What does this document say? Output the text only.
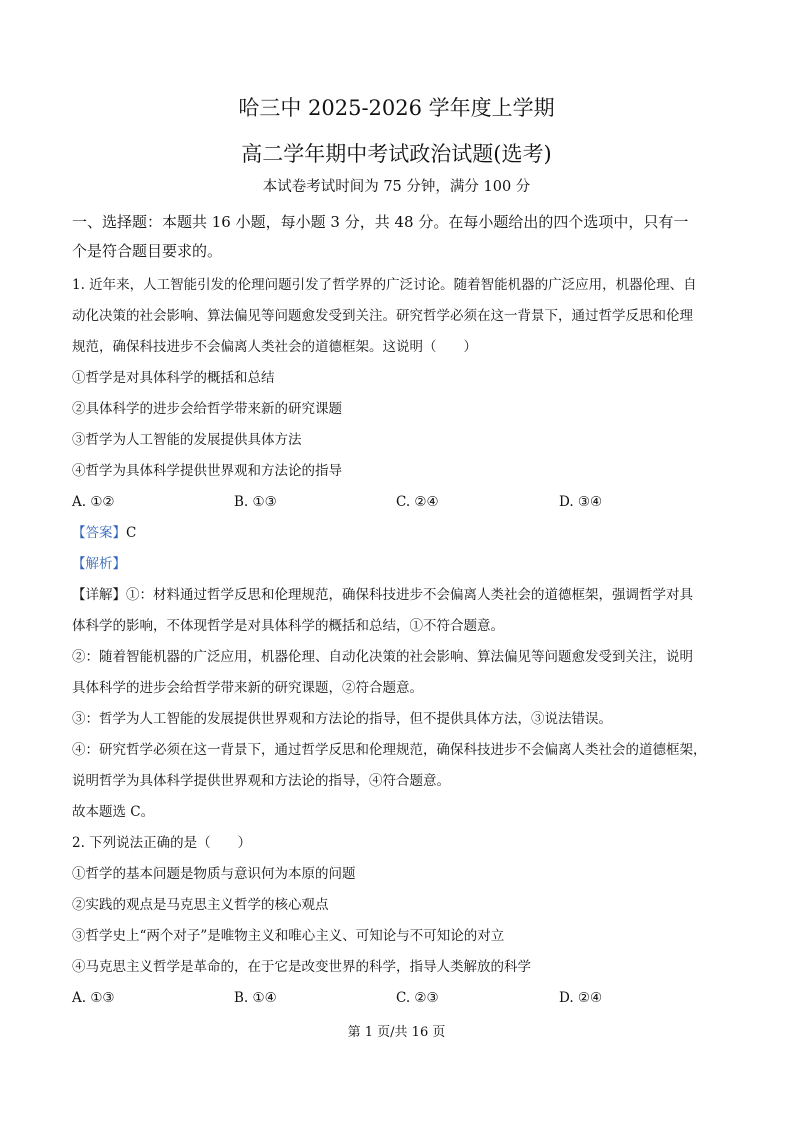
哈三中 2025-2026 学年度上学期
高二学年期中考试政治试题(选考)
本试卷考试时间为 75 分钟，满分 100 分
一、选择题：本题共 16 小题，每小题 3 分，共 48 分。在每小题给出的四个选项中，只有一
个是符合题目要求的。
1. 近年来，人工智能引发的伦理问题引发了哲学界的广泛讨论。随着智能机器的广泛应用，机器伦理、自
动化决策的社会影响、算法偏见等问题愈发受到关注。研究哲学必须在这一背景下，通过哲学反思和伦理
规范，确保科技进步不会偏离人类社会的道德框架。这说明（　　）
①哲学是对具体科学的概括和总结
②具体科学的进步会给哲学带来新的研究课题
③哲学为人工智能的发展提供具体方法
④哲学为具体科学提供世界观和方法论的指导
A. ①②	B. ①③	C. ②④	D. ③④
【答案】C
【解析】
【详解】①：材料通过哲学反思和伦理规范，确保科技进步不会偏离人类社会的道德框架，强调哲学对具
体科学的影响，不体现哲学是对具体科学的概括和总结，①不符合题意。
②：随着智能机器的广泛应用，机器伦理、自动化决策的社会影响、算法偏见等问题愈发受到关注，说明
具体科学的进步会给哲学带来新的研究课题，②符合题意。
③：哲学为人工智能的发展提供世界观和方法论的指导，但不提供具体方法，③说法错误。
④：研究哲学必须在这一背景下，通过哲学反思和伦理规范，确保科技进步不会偏离人类社会的道德框架，
说明哲学为具体科学提供世界观和方法论的指导，④符合题意。
故本题选 C。
2. 下列说法正确的是（　　）
①哲学的基本问题是物质与意识何为本原的问题
②实践的观点是马克思主义哲学的核心观点
③哲学史上“两个对子”是唯物主义和唯心主义、可知论与不可知论的对立
④马克思主义哲学是革命的，在于它是改变世界的科学，指导人类解放的科学
A. ①③	B. ①④	C. ②③	D. ②④
第 1 页/共 16 页
